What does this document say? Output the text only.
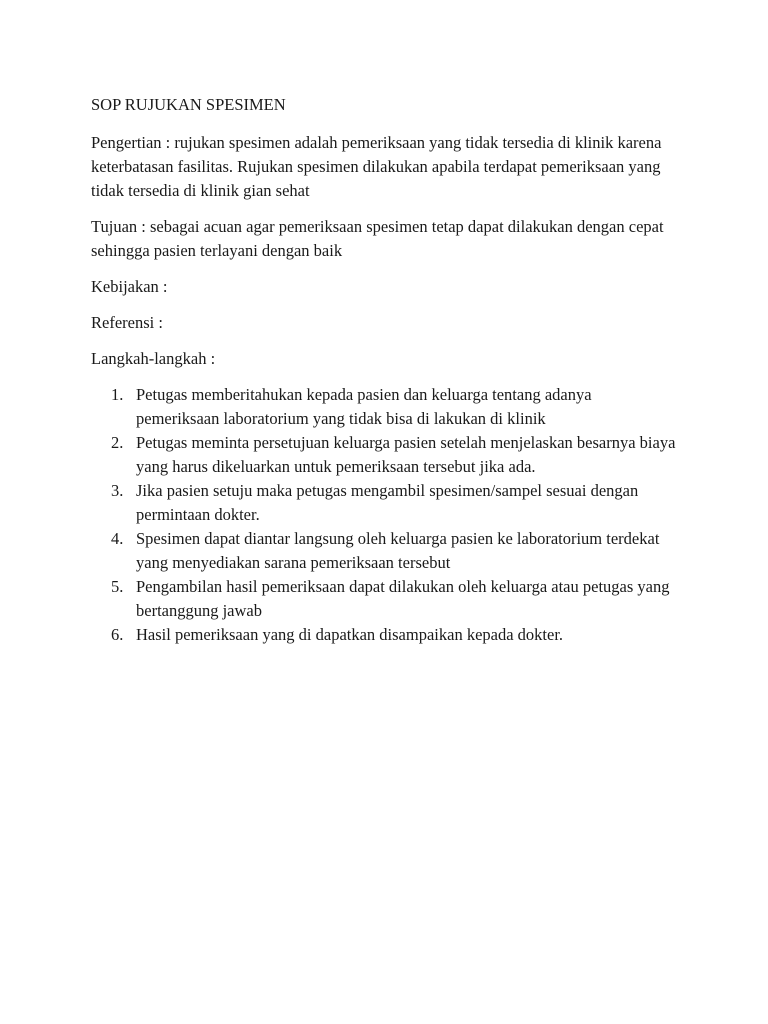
SOP RUJUKAN SPESIMEN

Pengertian : rujukan spesimen adalah pemeriksaan yang tidak tersedia di klinik karena keterbatasan fasilitas. Rujukan spesimen dilakukan apabila terdapat pemeriksaan yang tidak tersedia di klinik gian sehat

Tujuan : sebagai acuan agar pemeriksaan spesimen tetap dapat dilakukan dengan cepat sehingga pasien terlayani dengan baik

Kebijakan :

Referensi :

Langkah-langkah :

1. Petugas memberitahukan kepada pasien dan keluarga tentang adanya pemeriksaan laboratorium yang tidak bisa di lakukan di klinik
2. Petugas meminta persetujuan keluarga pasien setelah menjelaskan besarnya biaya yang harus dikeluarkan untuk pemeriksaan tersebut jika ada.
3. Jika pasien setuju maka petugas mengambil spesimen/sampel sesuai dengan permintaan dokter.
4. Spesimen dapat diantar langsung oleh keluarga pasien ke laboratorium terdekat yang menyediakan sarana pemeriksaan tersebut
5. Pengambilan hasil pemeriksaan dapat dilakukan oleh keluarga atau petugas yang bertanggung jawab
6. Hasil pemeriksaan yang di dapatkan disampaikan kepada dokter.
